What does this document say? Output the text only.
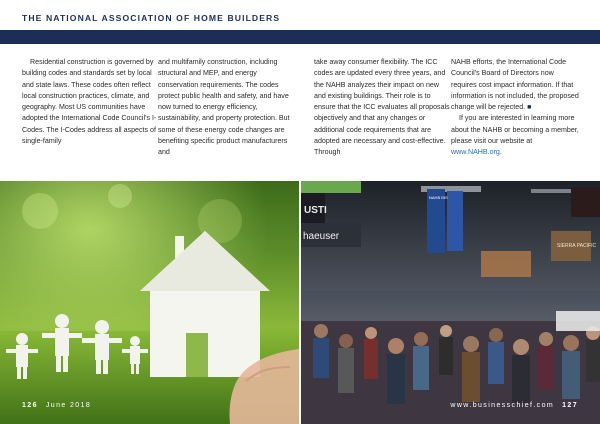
THE NATIONAL ASSOCIATION OF HOME BUILDERS

Residential construction is governed by building codes and standards set by local and state laws. These codes often reflect local construction practices, climate, and geography. Most US communities have adopted the International Code Council’s I-Codes. The I-Codes address all aspects of single-family

and multifamily construction, including structural and MEP, and energy conservation requirements. The codes protect public health and safety, and have now turned to energy efficiency, sustainability, and property protection. But some of these energy code changes are benefiting specific product manufacturers and

take away consumer flexibility. The ICC codes are updated every three years, and the NAHB analyzes their impact on new and existing buildings. Their role is to ensure that the ICC evaluates all proposals objectively and that any changes or additional code requirements that are adopted are necessary and cost-effective. Through

NAHB efforts, the International Code Council’s Board of Directors now requires cost impact information. If that information is not included, the proposed change will be rejected. ■

If you are interested in learning more about the NAHB or becoming a member, please visit our website at www.NAHB.org.

USTI
haeuser
NAHB IBS
SIERRA PACIFIC
126 June 2018	www.businesschief.com 127
